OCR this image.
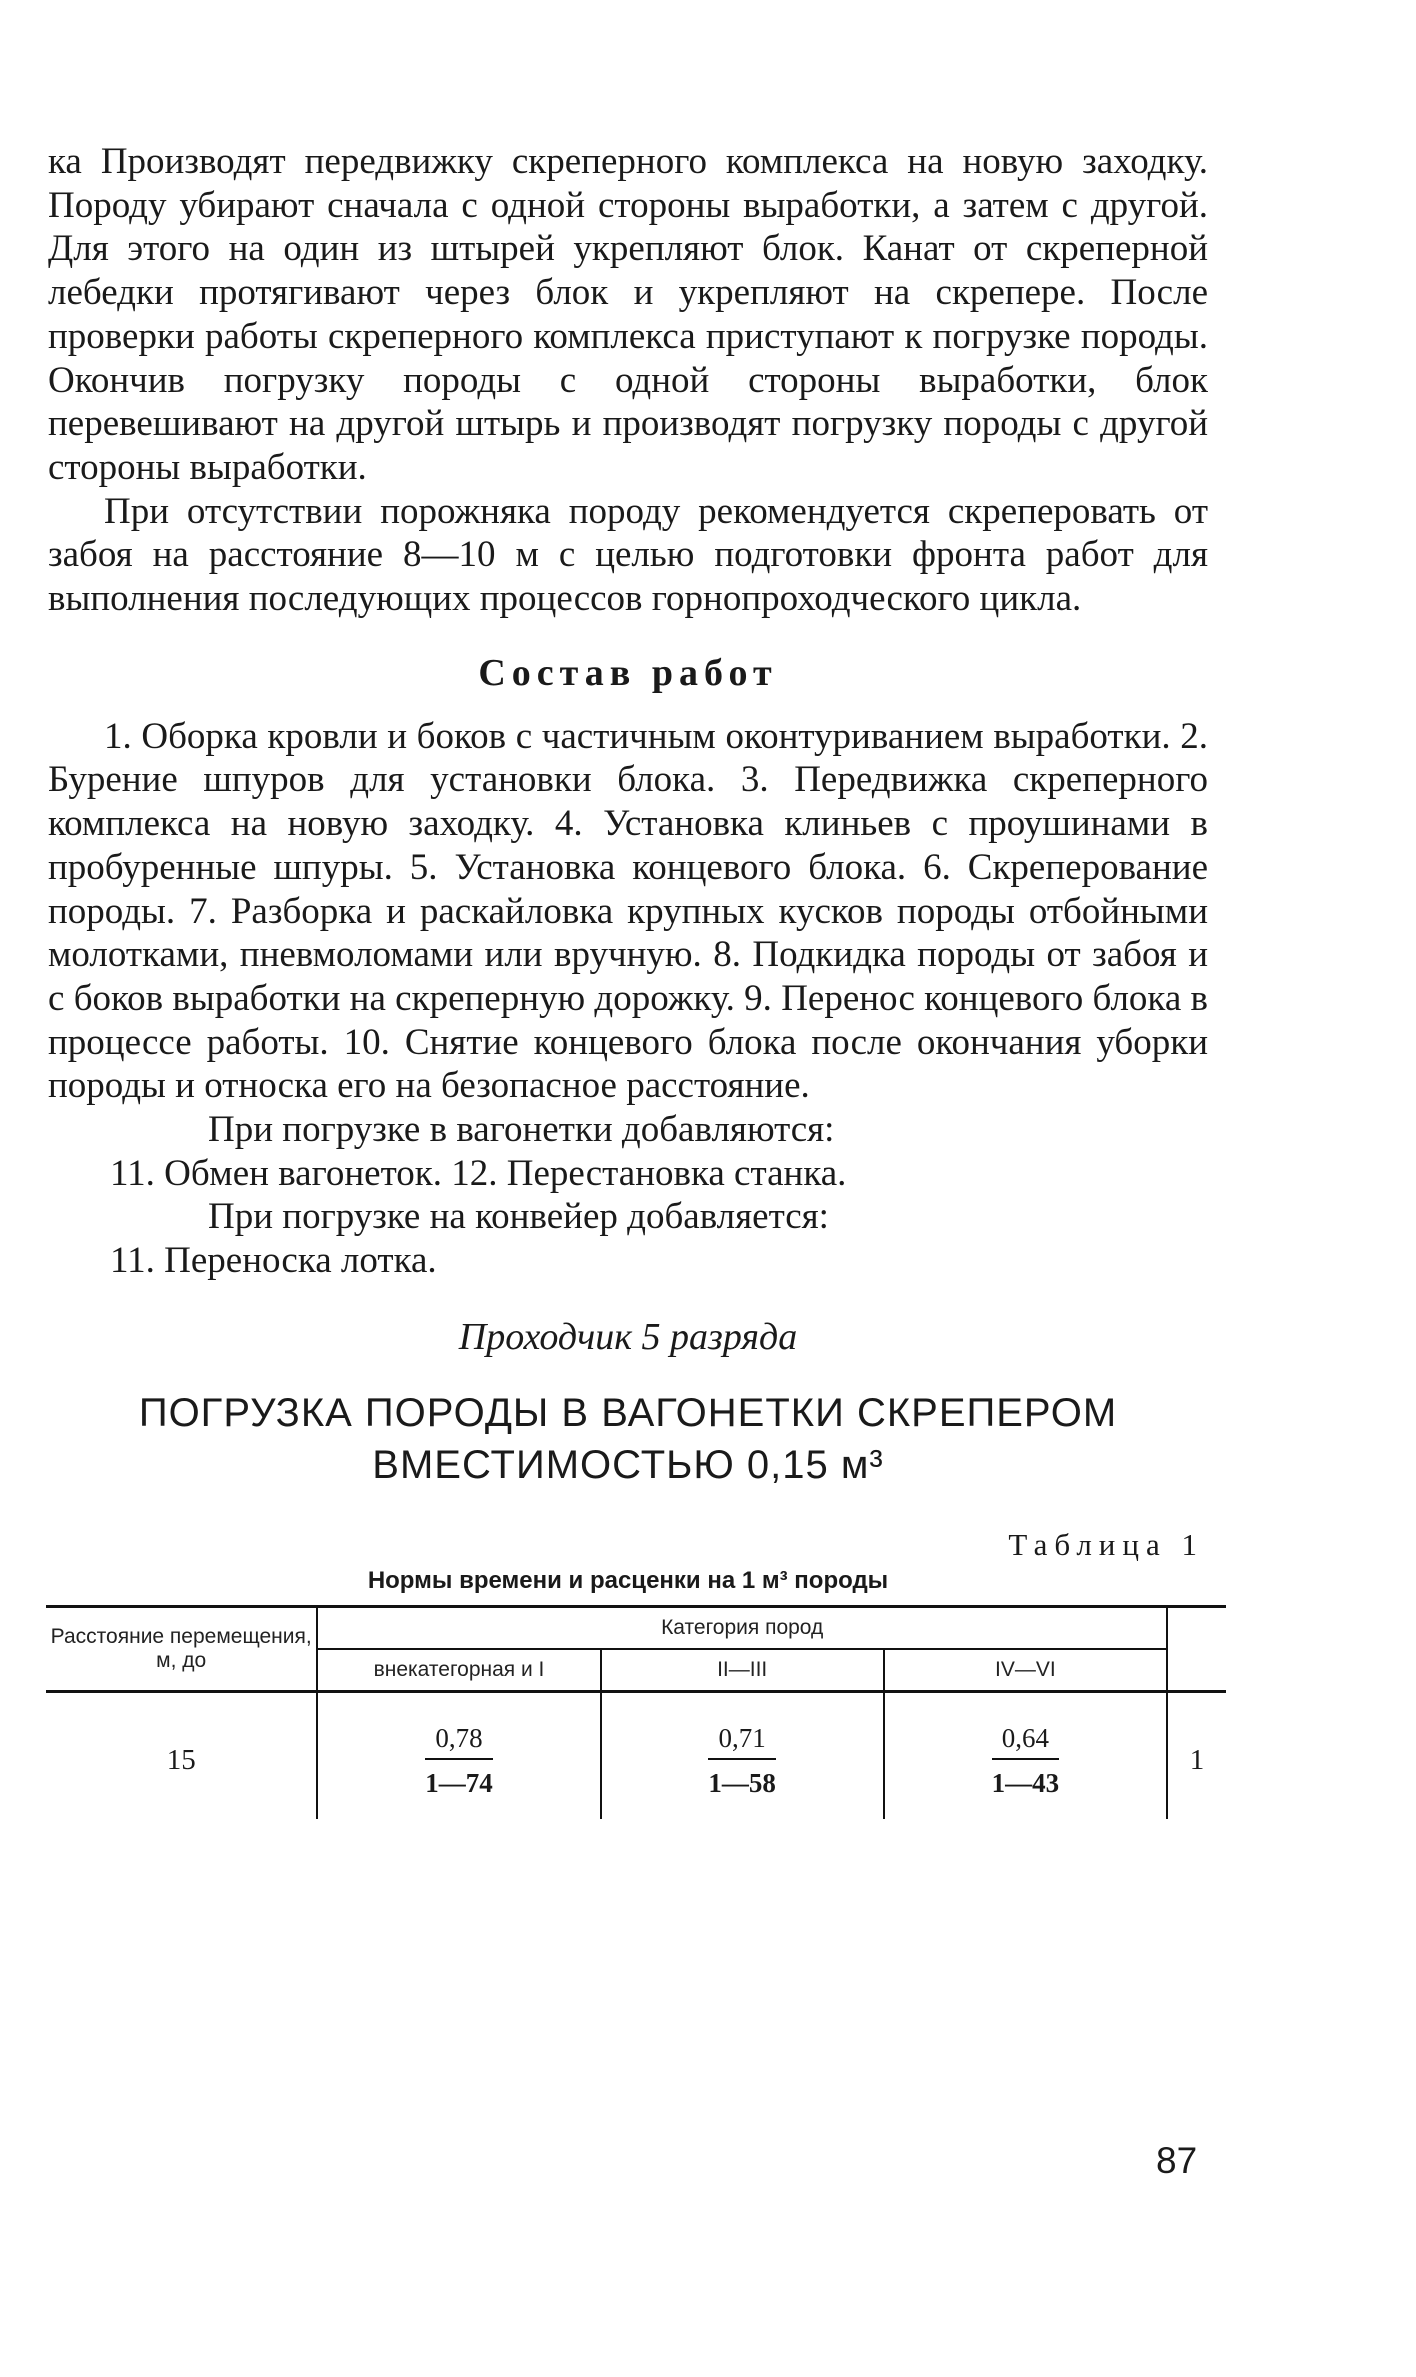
ка Производят передвижку скреперного комплекса на новую заходку. Породу убирают сначала с одной стороны выработки, а затем с другой. Для этого на один из штырей укрепляют блок. Канат от скреперной лебедки протягивают через блок и укрепляют на скрепере. После проверки работы скреперного комплекса приступают к погрузке породы. Окончив погрузку породы с одной стороны выработки, блок перевешивают на другой штырь и производят погрузку породы с другой стороны выработки.

При отсутствии порожняка породу рекомендуется скреперовать от забоя на расстояние 8—10 м с целью подготовки фронта работ для выполнения последующих процессов горнопроходческого цикла.

Состав работ

1. Оборка кровли и боков с частичным оконтуриванием выработки. 2. Бурение шпуров для установки блока. 3. Передвижка скреперного комплекса на новую заходку. 4. Установка клиньев с проушинами в пробуренные шпуры. 5. Установка концевого блока. 6. Скреперование породы. 7. Разборка и раскайловка крупных кусков породы отбойными молотками, пневмоломами или вручную. 8. Подкидка породы от забоя и с боков выработки на скреперную дорожку. 9. Перенос концевого блока в процессе работы. 10. Снятие концевого блока после окончания уборки породы и относка его на безопасное расстояние.

При погрузке в вагонетки добавляются:

11. Обмен вагонеток. 12. Перестановка станка.

При погрузке на конвейер добавляется:

11. Переноска лотка.

Проходчик 5 разряда
ПОГРУЗКА ПОРОДЫ В ВАГОНЕТКИ СКРЕПЕРОМ
ВМЕСТИМОСТЬЮ 0,15 м³
Таблица 1
Нормы времени и расценки на 1 м³ породы
Расстояние перемещения, м, до	Категория пород			
	внекатегорная и I	II—III	IV—VI	
15	$\frac{0,78}{1—74}$	$\frac{0,71}{1—58}$	$\frac{0,64}{1—43}$	1
87
